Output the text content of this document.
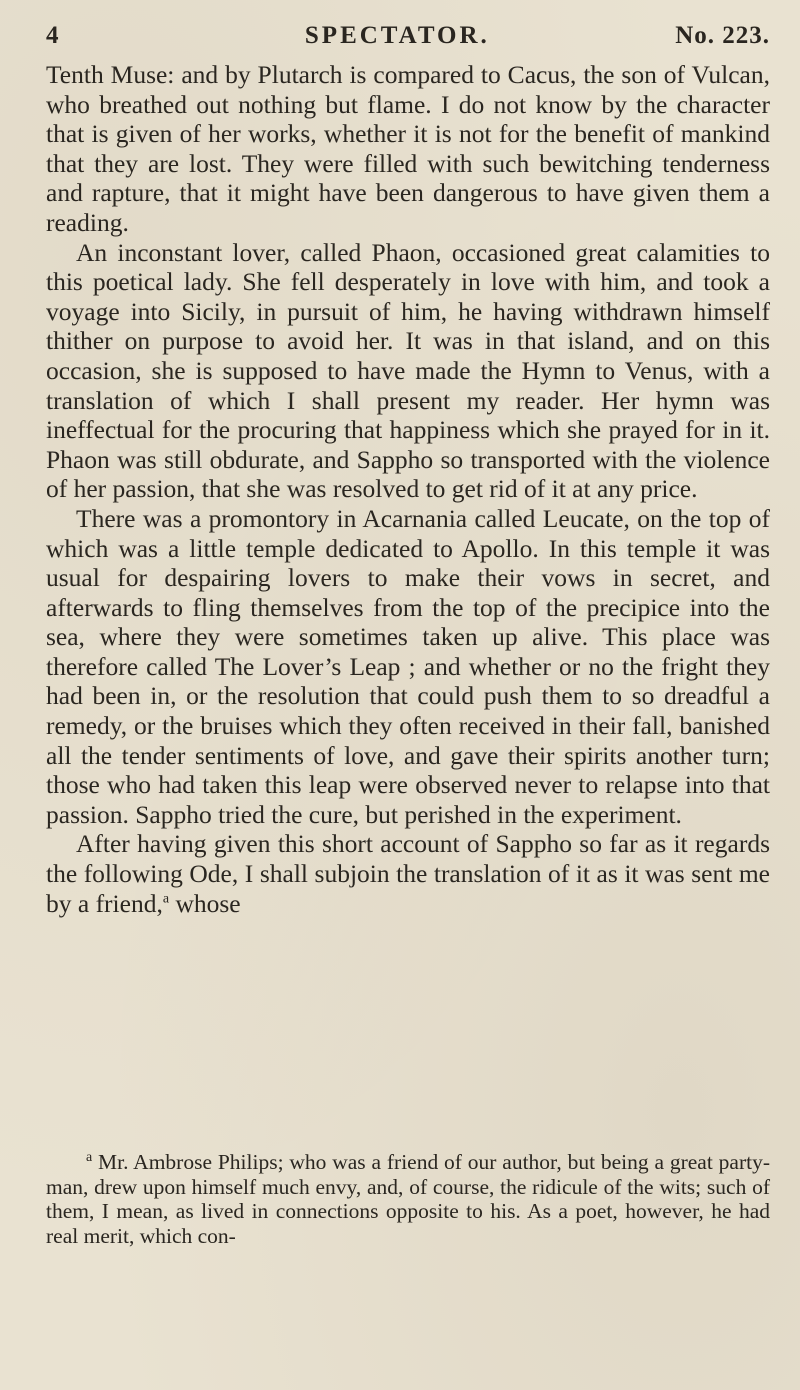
4	SPECTATOR.	No. 223.

Tenth Muse: and by Plutarch is compared to Cacus, the son of Vulcan, who breathed out nothing but flame. I do not know by the character that is given of her works, whether it is not for the benefit of mankind that they are lost. They were filled with such bewitching tenderness and rapture, that it might have been dangerous to have given them a reading.

An inconstant lover, called Phaon, occasioned great calamities to this poetical lady. She fell desperately in love with him, and took a voyage into Sicily, in pursuit of him, he having withdrawn himself thither on purpose to avoid her. It was in that island, and on this occasion, she is supposed to have made the Hymn to Venus, with a translation of which I shall present my reader. Her hymn was ineffectual for the procuring that happiness which she prayed for in it. Phaon was still obdurate, and Sappho so transported with the violence of her passion, that she was resolved to get rid of it at any price.

There was a promontory in Acarnania called Leucate, on the top of which was a little temple dedicated to Apollo. In this temple it was usual for despairing lovers to make their vows in secret, and afterwards to fling themselves from the top of the precipice into the sea, where they were sometimes taken up alive. This place was therefore called The Lover’s Leap ; and whether or no the fright they had been in, or the resolution that could push them to so dreadful a remedy, or the bruises which they often received in their fall, banished all the tender sentiments of love, and gave their spirits another turn; those who had taken this leap were observed never to relapse into that passion. Sappho tried the cure, but perished in the experiment.

After having given this short account of Sappho so far as it regards the following Ode, I shall subjoin the translation of it as it was sent me by a friend,$^a$ whose

$^a$ Mr. Ambrose Philips; who was a friend of our author, but being a great party-man, drew upon himself much envy, and, of course, the ridicule of the wits; such of them, I mean, as lived in connections opposite to his. As a poet, however, he had real merit, which con-
